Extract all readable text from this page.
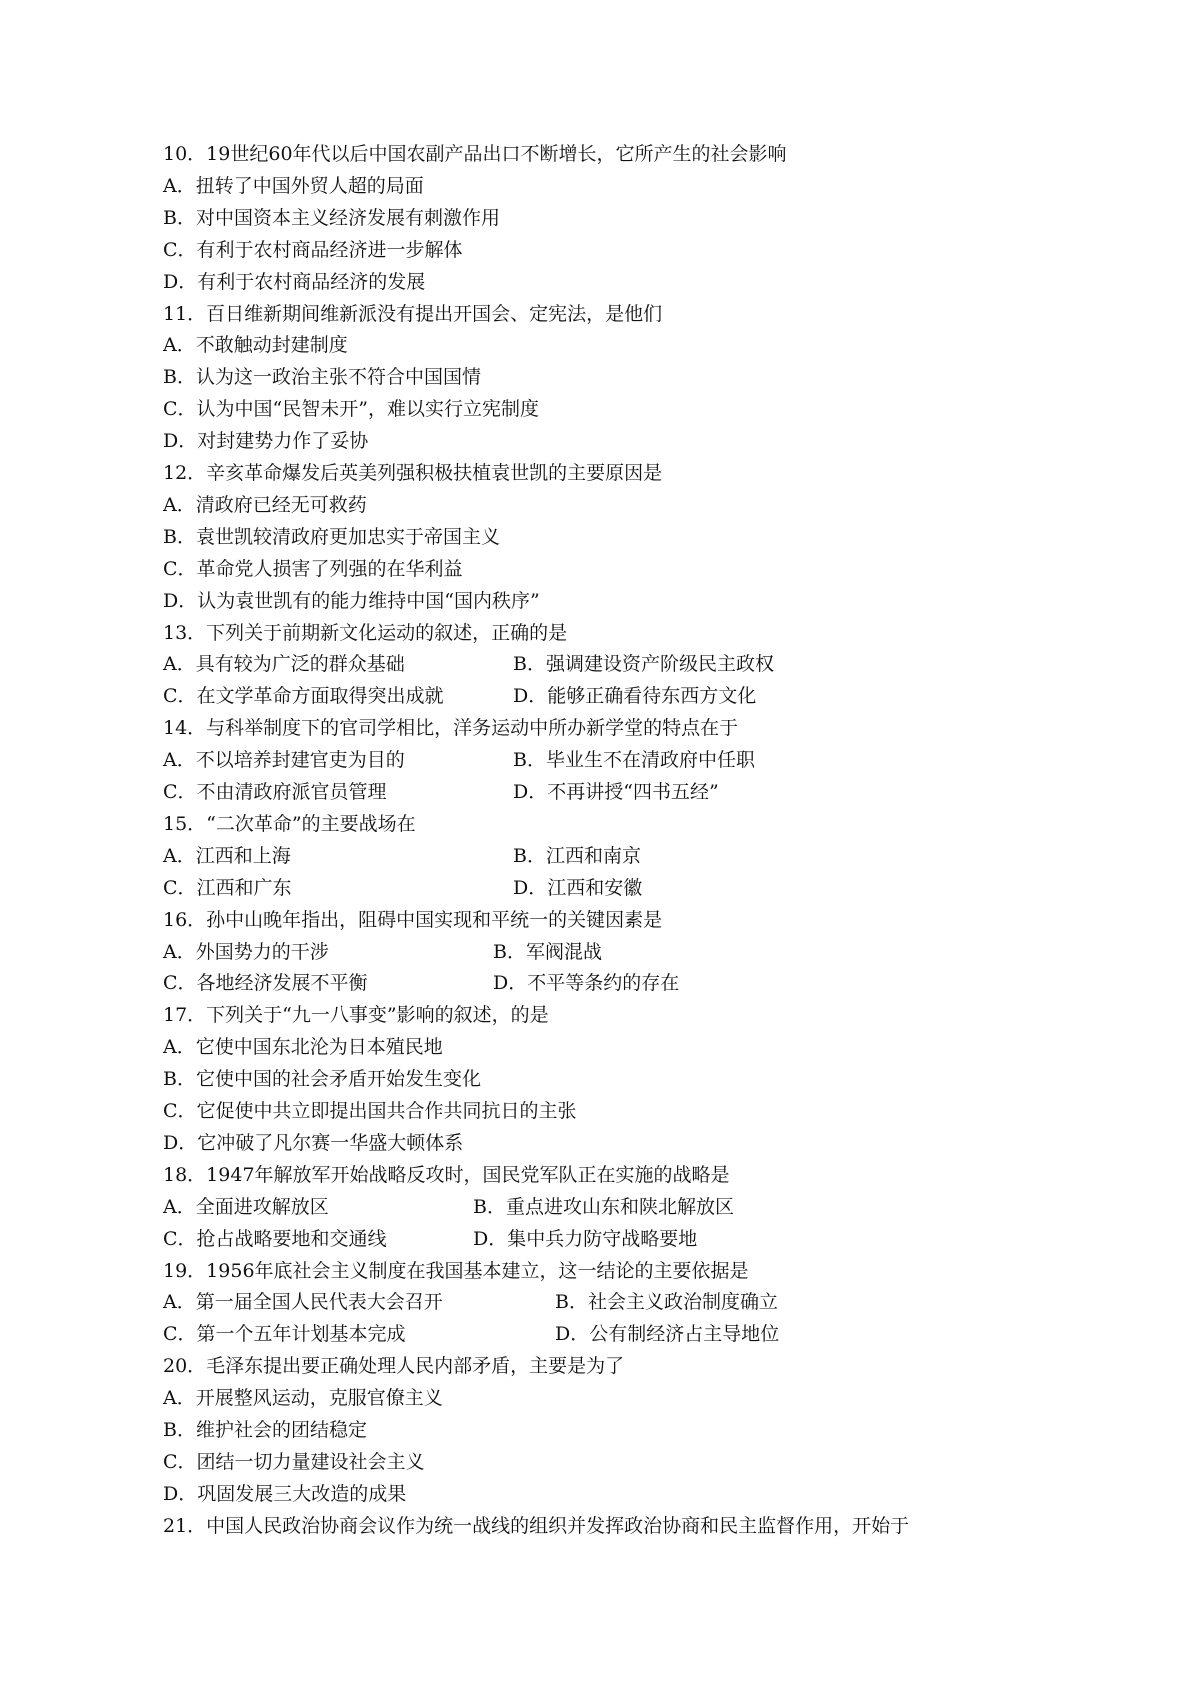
10．19世纪60年代以后中国农副产品出口不断增长，它所产生的社会影响
A．扭转了中国外贸人超的局面
B．对中国资本主义经济发展有刺激作用
C．有利于农村商品经济进一步解体
D．有利于农村商品经济的发展
11．百日维新期间维新派没有提出开国会、定宪法，是他们
A．不敢触动封建制度
B．认为这一政治主张不符合中国国情
C．认为中国“民智未开”，难以实行立宪制度
D．对封建势力作了妥协
12．辛亥革命爆发后英美列强积极扶植袁世凯的主要原因是
A．清政府已经无可救药
B．袁世凯较清政府更加忠实于帝国主义
C．革命党人损害了列强的在华利益
D．认为袁世凯有的能力维持中国“国内秩序”
13．下列关于前期新文化运动的叙述，正确的是
A．具有较为广泛的群众基础	B．强调建设资产阶级民主政权
C．在文学革命方面取得突出成就	D．能够正确看待东西方文化
14．与科举制度下的官司学相比，洋务运动中所办新学堂的特点在于
A．不以培养封建官吏为目的	B．毕业生不在清政府中任职
C．不由清政府派官员管理	D．不再讲授“四书五经”
15．“二次革命”的主要战场在
A．江西和上海	B．江西和南京
C．江西和广东	D．江西和安徽
16．孙中山晚年指出，阻碍中国实现和平统一的关键因素是
A．外国势力的干涉	B．军阀混战
C．各地经济发展不平衡	D．不平等条约的存在
17．下列关于“九一八事变”影响的叙述，的是
A．它使中国东北沦为日本殖民地
B．它使中国的社会矛盾开始发生变化
C．它促使中共立即提出国共合作共同抗日的主张
D．它冲破了凡尔赛一华盛大顿体系
18．1947年解放军开始战略反攻时，国民党军队正在实施的战略是
A．全面进攻解放区	B．重点进攻山东和陕北解放区
C．抢占战略要地和交通线	D．集中兵力防守战略要地
19．1956年底社会主义制度在我国基本建立，这一结论的主要依据是
A．第一届全国人民代表大会召开	B．社会主义政治制度确立
C．第一个五年计划基本完成	D．公有制经济占主导地位
20．毛泽东提出要正确处理人民内部矛盾，主要是为了
A．开展整风运动，克服官僚主义
B．维护社会的团结稳定
C．团结一切力量建设社会主义
D．巩固发展三大改造的成果
21．中国人民政治协商会议作为统一战线的组织并发挥政治协商和民主监督作用，开始于
